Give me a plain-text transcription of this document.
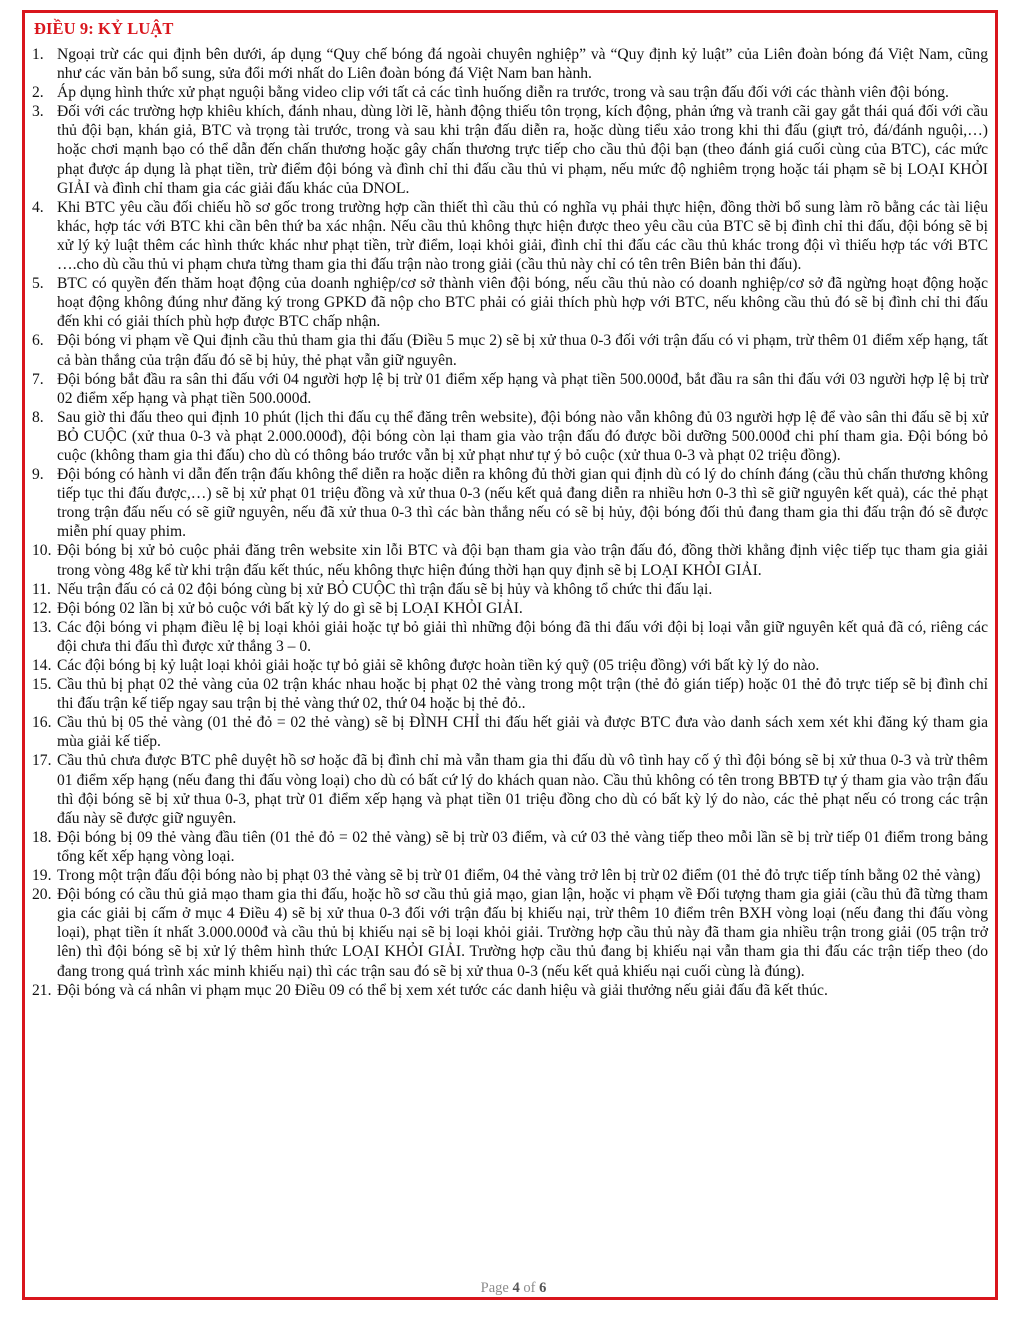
ĐIỀU 9: KỶ LUẬT
1. Ngoại trừ các qui định bên dưới, áp dụng “Quy chế bóng đá ngoài chuyên nghiệp” và “Quy định kỷ luật” của Liên đoàn bóng đá Việt Nam, cũng như các văn bản bổ sung, sửa đổi mới nhất do Liên đoàn bóng đá Việt Nam ban hành.
2. Áp dụng hình thức xử phạt nguội bằng video clip với tất cả các tình huống diễn ra trước, trong và sau trận đấu đối với các thành viên đội bóng.
3. Đối với các trường hợp khiêu khích, đánh nhau, dùng lời lẽ, hành động thiếu tôn trọng, kích động, phản ứng và tranh cãi gay gắt thái quá đối với cầu thủ đội bạn, khán giả, BTC và trọng tài trước, trong và sau khi trận đấu diễn ra, hoặc dùng tiểu xảo trong khi thi đấu (giựt trỏ, đá/đánh nguội,…) hoặc chơi mạnh bạo có thể dẫn đến chấn thương hoặc gây chấn thương trực tiếp cho cầu thủ đội bạn (theo đánh giá cuối cùng của BTC), các mức phạt được áp dụng là phạt tiền, trừ điểm đội bóng và đình chỉ thi đấu cầu thủ vi phạm, nếu mức độ nghiêm trọng hoặc tái phạm sẽ bị LOẠI KHỎI GIẢI và đình chỉ tham gia các giải đấu khác của DNOL.
4. Khi BTC yêu cầu đối chiếu hồ sơ gốc trong trường hợp cần thiết thì cầu thủ có nghĩa vụ phải thực hiện, đồng thời bổ sung làm rõ bằng các tài liệu khác, hợp tác với BTC khi cần bên thứ ba xác nhận. Nếu cầu thủ không thực hiện được theo yêu cầu của BTC sẽ bị đình chỉ thi đấu, đội bóng sẽ bị xử lý kỷ luật thêm các hình thức khác như phạt tiền, trừ điểm, loại khỏi giải, đình chỉ thi đấu các cầu thủ khác trong đội vì thiếu hợp tác với BTC ….cho dù cầu thủ vi phạm chưa từng tham gia thi đấu trận nào trong giải (cầu thủ này chỉ có tên trên Biên bản thi đấu).
5. BTC có quyền đến thăm hoạt động của doanh nghiệp/cơ sở thành viên đội bóng, nếu cầu thủ nào có doanh nghiệp/cơ sở đã ngừng hoạt động hoặc hoạt động không đúng như đăng ký trong GPKD đã nộp cho BTC phải có giải thích phù hợp với BTC, nếu không cầu thủ đó sẽ bị đình chỉ thi đấu đến khi có giải thích phù hợp được BTC chấp nhận.
6. Đội bóng vi phạm về Qui định cầu thủ tham gia thi đấu (Điều 5 mục 2) sẽ bị xử thua 0-3 đối với trận đấu có vi phạm, trừ thêm 01 điểm xếp hạng, tất cả bàn thắng của trận đấu đó sẽ bị hủy, thẻ phạt vẫn giữ nguyên.
7. Đội bóng bắt đầu ra sân thi đấu với 04 người hợp lệ bị trừ 01 điểm xếp hạng và phạt tiền 500.000đ, bắt đầu ra sân thi đấu với 03 người hợp lệ bị trừ 02 điểm xếp hạng và phạt tiền 500.000đ.
8. Sau giờ thi đấu theo qui định 10 phút (lịch thi đấu cụ thể đăng trên website), đội bóng nào vẫn không đủ 03 người hợp lệ để vào sân thi đấu sẽ bị xử BỎ CUỘC (xử thua 0-3 và phạt 2.000.000đ), đội bóng còn lại tham gia vào trận đấu đó được bồi dưỡng 500.000đ chi phí tham gia. Đội bóng bỏ cuộc (không tham gia thi đấu) cho dù có thông báo trước vẫn bị xử phạt như tự ý bỏ cuộc (xử thua 0-3 và phạt 02 triệu đồng).
9. Đội bóng có hành vi dẫn đến trận đấu không thể diễn ra hoặc diễn ra không đủ thời gian qui định dù có lý do chính đáng (cầu thủ chấn thương không tiếp tục thi đấu được,…) sẽ bị xử phạt 01 triệu đồng và xử thua 0-3 (nếu kết quả đang diễn ra nhiều hơn 0-3 thì sẽ giữ nguyên kết quả), các thẻ phạt trong trận đấu nếu có sẽ giữ nguyên, nếu đã xử thua 0-3 thì các bàn thắng nếu có sẽ bị hủy, đội bóng đối thủ đang tham gia thi đấu trận đó sẽ được miễn phí quay phim.
10. Đội bóng bị xử bỏ cuộc phải đăng trên website xin lỗi BTC và đội bạn tham gia vào trận đấu đó, đồng thời khẳng định việc tiếp tục tham gia giải trong vòng 48g kể từ khi trận đấu kết thúc, nếu không thực hiện đúng thời hạn quy định sẽ bị LOẠI KHỎI GIẢI.
11. Nếu trận đấu có cả 02 đội bóng cùng bị xử BỎ CUỘC thì trận đấu sẽ bị hủy và không tổ chức thi đấu lại.
12. Đội bóng 02 lần bị xử bỏ cuộc với bất kỳ lý do gì sẽ bị LOẠI KHỎI GIẢI.
13. Các đội bóng vi phạm điều lệ bị loại khỏi giải hoặc tự bỏ giải thì những đội bóng đã thi đấu với đội bị loại vẫn giữ nguyên kết quả đã có, riêng các đội chưa thi đấu thì được xử thắng 3 – 0.
14. Các đội bóng bị kỷ luật loại khỏi giải hoặc tự bỏ giải sẽ không được hoàn tiền ký quỹ (05 triệu đồng) với bất kỳ lý do nào.
15. Cầu thủ bị phạt 02 thẻ vàng của 02 trận khác nhau hoặc bị phạt 02 thẻ vàng trong một trận (thẻ đỏ gián tiếp) hoặc 01 thẻ đỏ trực tiếp sẽ bị đình chỉ thi đấu trận kế tiếp ngay sau trận bị thẻ vàng thứ 02, thứ 04 hoặc bị thẻ đỏ..
16. Cầu thủ bị 05 thẻ vàng (01 thẻ đỏ = 02 thẻ vàng) sẽ bị ĐÌNH CHỈ thi đấu hết giải và được BTC đưa vào danh sách xem xét khi đăng ký tham gia mùa giải kế tiếp.
17. Cầu thủ chưa được BTC phê duyệt hồ sơ hoặc đã bị đình chỉ mà vẫn tham gia thi đấu dù vô tình hay cố ý thì đội bóng sẽ bị xử thua 0-3 và trừ thêm 01 điểm xếp hạng (nếu đang thi đấu vòng loại) cho dù có bất cứ lý do khách quan nào. Cầu thủ không có tên trong BBTĐ tự ý tham gia vào trận đấu thì đội bóng sẽ bị xử thua 0-3, phạt trừ 01 điểm xếp hạng và phạt tiền 01 triệu đồng cho dù có bất kỳ lý do nào, các thẻ phạt nếu có trong các trận đấu này sẽ được giữ nguyên.
18. Đội bóng bị 09 thẻ vàng đầu tiên (01 thẻ đỏ = 02 thẻ vàng) sẽ bị trừ 03 điểm, và cứ 03 thẻ vàng tiếp theo mỗi lần sẽ bị trừ tiếp 01 điểm trong bảng tổng kết xếp hạng vòng loại.
19. Trong một trận đấu đội bóng nào bị phạt 03 thẻ vàng sẽ bị trừ 01 điểm, 04 thẻ vàng trở lên bị trừ 02 điểm (01 thẻ đỏ trực tiếp tính bằng 02 thẻ vàng)
20. Đội bóng có cầu thủ giả mạo tham gia thi đấu, hoặc hồ sơ cầu thủ giả mạo, gian lận, hoặc vi phạm về Đối tượng tham gia giải (cầu thủ đã từng tham gia các giải bị cấm ở mục 4 Điều 4) sẽ bị xử thua 0-3 đối với trận đấu bị khiếu nại, trừ thêm 10 điểm trên BXH vòng loại (nếu đang thi đấu vòng loại), phạt tiền ít nhất 3.000.000đ và cầu thủ bị khiếu nại sẽ bị loại khỏi giải. Trường hợp cầu thủ này đã tham gia nhiều trận trong giải (05 trận trở lên) thì đội bóng sẽ bị xử lý thêm hình thức LOẠI KHỎI GIẢI. Trường hợp cầu thủ đang bị khiếu nại vẫn tham gia thi đấu các trận tiếp theo (do đang trong quá trình xác minh khiếu nại) thì các trận sau đó sẽ bị xử thua 0-3 (nếu kết quả khiếu nại cuối cùng là đúng).
21. Đội bóng và cá nhân vi phạm mục 20 Điều 09 có thể bị xem xét tước các danh hiệu và giải thưởng nếu giải đấu đã kết thúc.
Page 4 of 6
